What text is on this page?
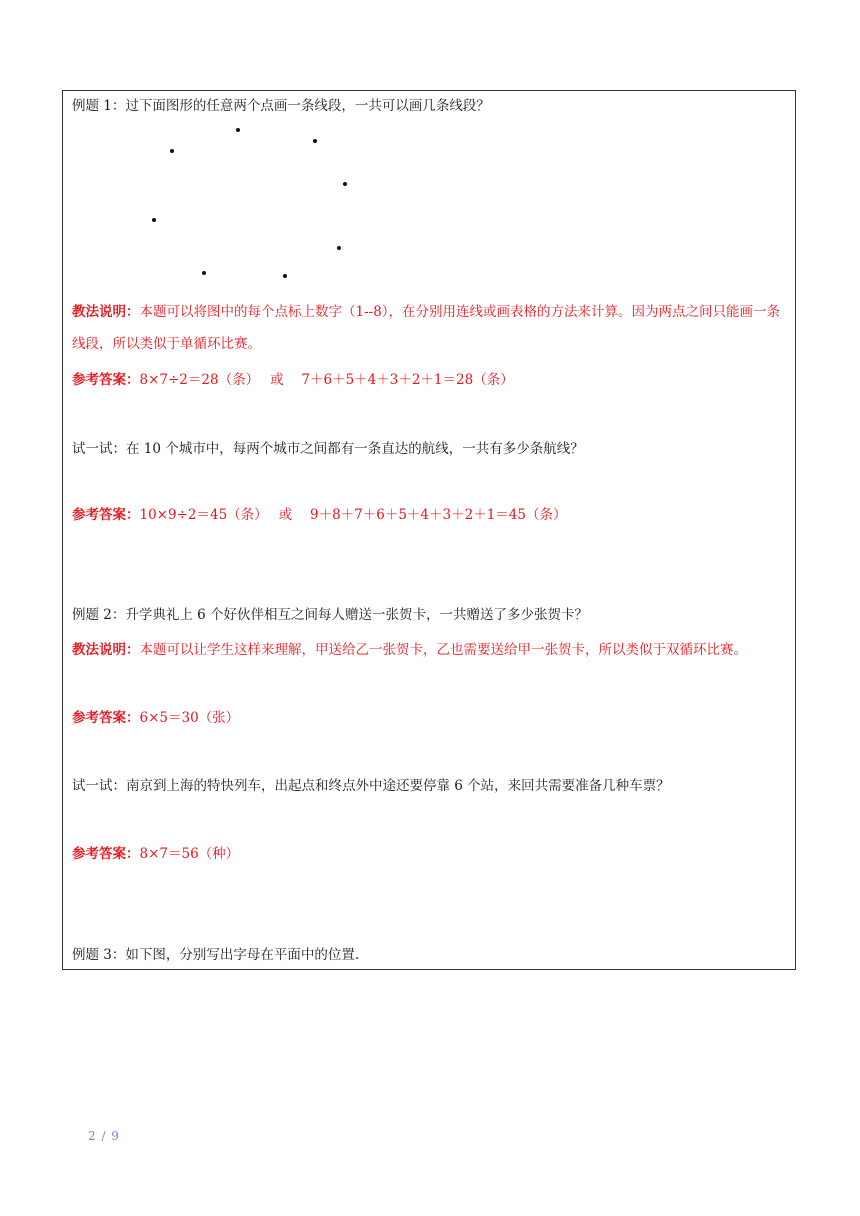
例题 1：过下面图形的任意两个点画一条线段，一共可以画几条线段？
教法说明：本题可以将图中的每个点标上数字（1--8），在分别用连线或画表格的方法来计算。因为两点之间只能画一条线段，所以类似于单循环比赛。
参考答案：8×7÷2＝28（条）　 或　 7＋6＋5＋4＋3＋2＋1＝28（条）
试一试：在 10 个城市中，每两个城市之间都有一条直达的航线，一共有多少条航线？
参考答案：10×9÷2＝45（条）　 或　 9＋8＋7＋6＋5＋4＋3＋2＋1＝45（条）
例题 2：升学典礼上 6 个好伙伴相互之间每人赠送一张贺卡，一共赠送了多少张贺卡？
教法说明：本题可以让学生这样来理解，甲送给乙一张贺卡，乙也需要送给甲一张贺卡，所以类似于双循环比赛。
参考答案：6×5＝30（张）
试一试：南京到上海的特快列车，出起点和终点外中途还要停靠 6 个站，来回共需要准备几种车票？
参考答案：8×7＝56（种）
例题 3：如下图，分别写出字母在平面中的位置.
2 / 9
